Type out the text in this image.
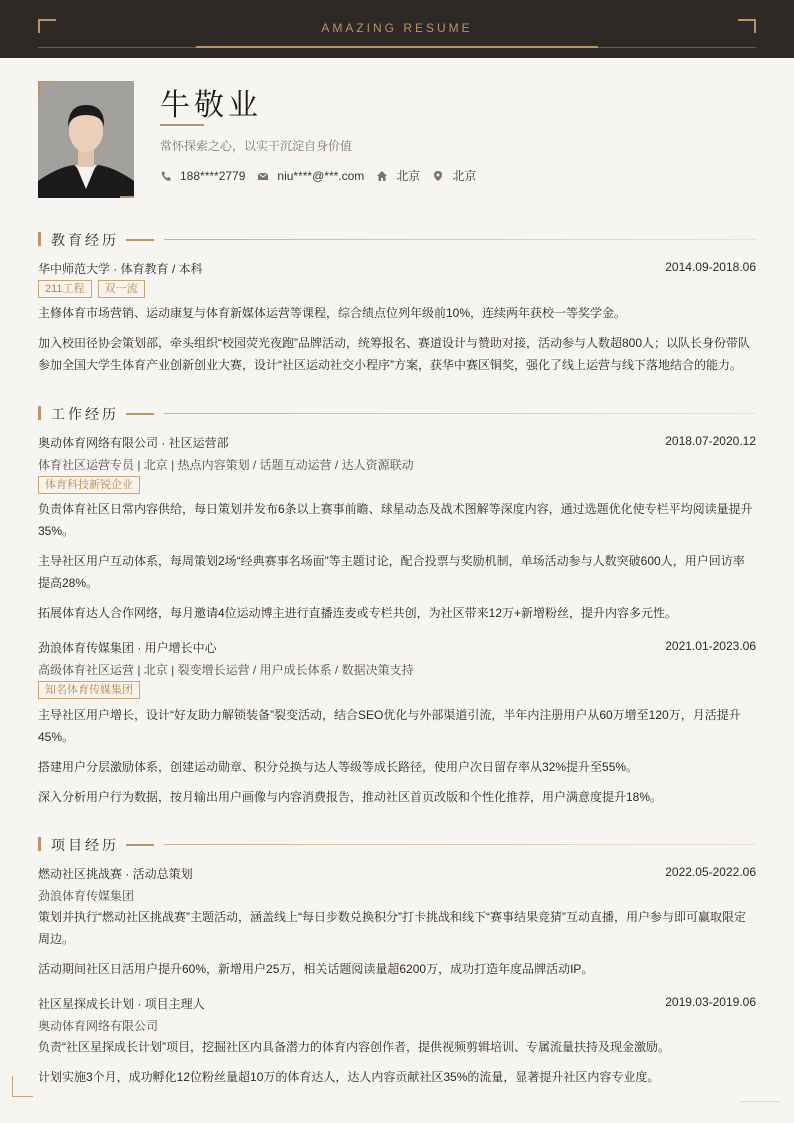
AMAZING RESUME
牛敬业
常怀探索之心，以实干沉淀自身价值
188****2779	niu****@***.com	北京	北京
教育经历
华中师范大学 · 体育教育 / 本科	2014.09-2018.06
211工程	双一流
主修体育市场营销、运动康复与体育新媒体运营等课程，综合绩点位列年级前10%，连续两年获校一等奖学金。
加入校田径协会策划部，牵头组织“校园荧光夜跑”品牌活动，统筹报名、赛道设计与赞助对接，活动参与人数超800人；以队长身份带队参加全国大学生体育产业创新创业大赛，设计“社区运动社交小程序”方案，获华中赛区铜奖，强化了线上运营与线下落地结合的能力。
工作经历
奥动体育网络有限公司 · 社区运营部	2018.07-2020.12
体育社区运营专员 | 北京 | 热点内容策划 / 话题互动运营 / 达人资源联动
体育科技新锐企业
负责体育社区日常内容供给，每日策划并发布6条以上赛事前瞻、球星动态及战术图解等深度内容，通过选题优化使专栏平均阅读量提升35%。
主导社区用户互动体系，每周策划2场“经典赛事名场面”等主题讨论，配合投票与奖励机制，单场活动参与人数突破600人，用户回访率提高28%。
拓展体育达人合作网络，每月邀请4位运动博主进行直播连麦或专栏共创，为社区带来12万+新增粉丝，提升内容多元性。
劲浪体育传媒集团 · 用户增长中心	2021.01-2023.06
高级体育社区运营 | 北京 | 裂变增长运营 / 用户成长体系 / 数据决策支持
知名体育传媒集团
主导社区用户增长，设计“好友助力解锁装备”裂变活动，结合SEO优化与外部渠道引流，半年内注册用户从60万增至120万，月活提升45%。
搭建用户分层激励体系，创建运动勋章、积分兑换与达人等级等成长路径，使用户次日留存率从32%提升至55%。
深入分析用户行为数据，按月输出用户画像与内容消费报告，推动社区首页改版和个性化推荐，用户满意度提升18%。
项目经历
燃动社区挑战赛 · 活动总策划	2022.05-2022.06
劲浪体育传媒集团
策划并执行“燃动社区挑战赛”主题活动，涵盖线上“每日步数兑换积分”打卡挑战和线下“赛事结果竞猜”互动直播，用户参与即可赢取限定周边。
活动期间社区日活用户提升60%，新增用户25万，相关话题阅读量超6200万，成功打造年度品牌活动IP。
社区星探成长计划 · 项目主理人	2019.03-2019.06
奥动体育网络有限公司
负责“社区星探成长计划”项目，挖掘社区内具备潜力的体育内容创作者，提供视频剪辑培训、专属流量扶持及现金激励。
计划实施3个月，成功孵化12位粉丝量超10万的体育达人，达人内容贡献社区35%的流量，显著提升社区内容专业度。
